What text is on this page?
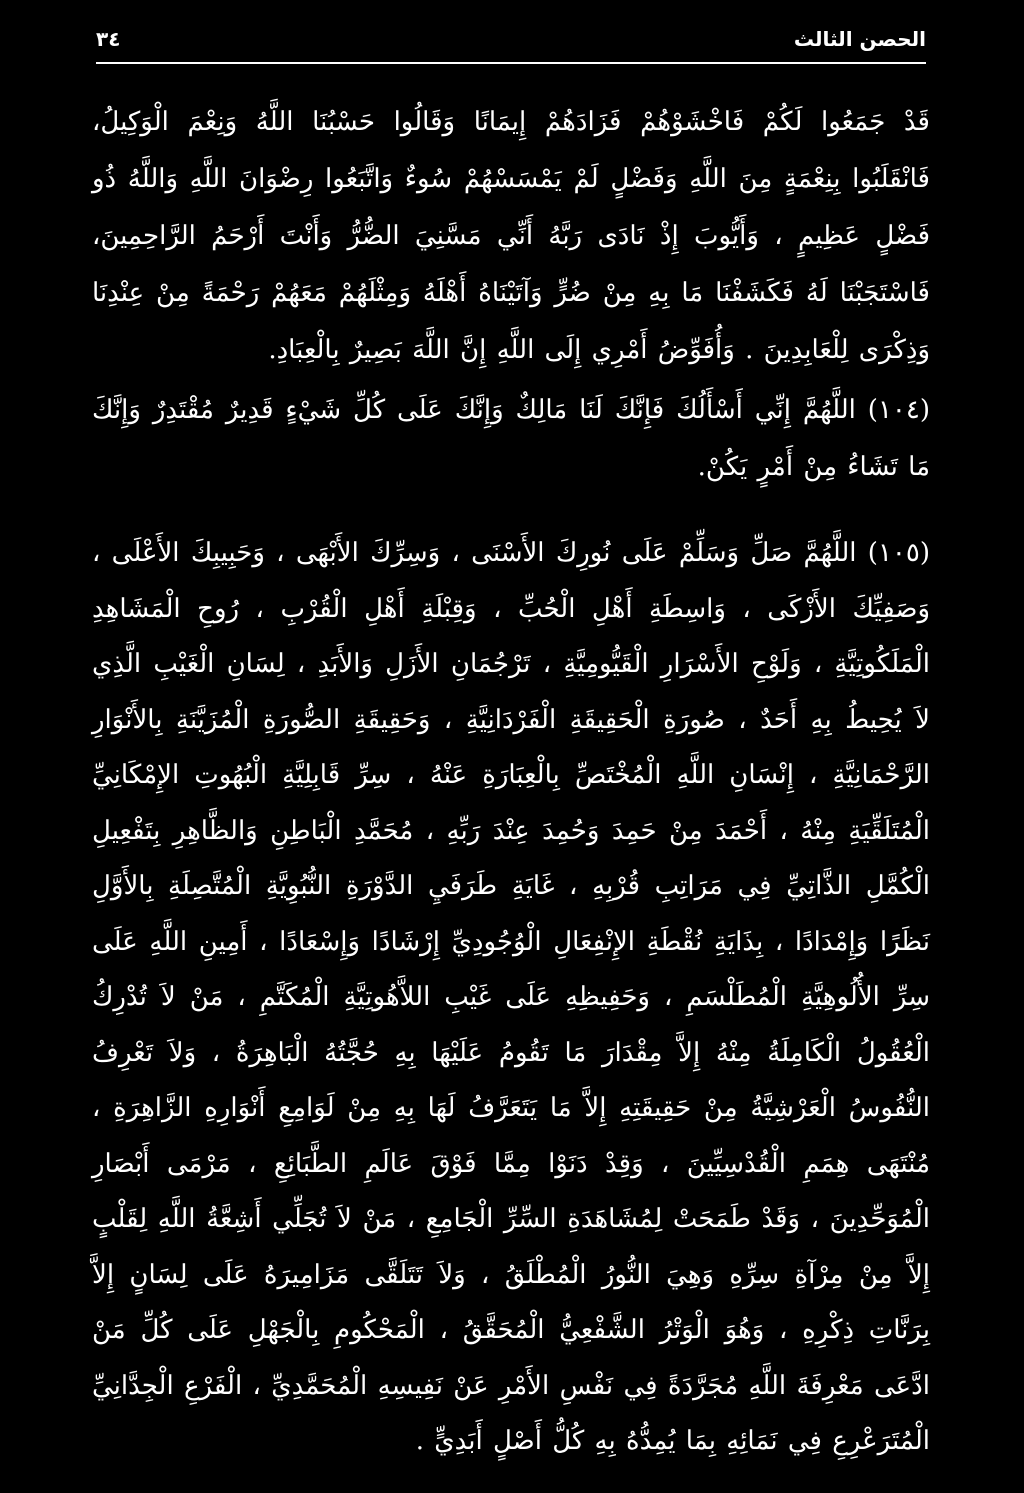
الحصن الثالث
٣٤
قَدْ جَمَعُوا لَكُمْ فَاخْشَوْهُمْ فَزَادَهُمْ إِيمَانًا وَقَالُوا حَسْبُنَا اللَّهُ وَنِعْمَ الْوَكِيلُ، فَانْقَلَبُوا بِنِعْمَةٍ مِنَ اللَّهِ وَفَضْلٍ لَمْ يَمْسَسْهُمْ سُوءٌ وَاتَّبَعُوا رِضْوَانَ اللَّهِ وَاللَّهُ ذُو فَضْلٍ عَظِيمٍ ، وَأَيُّوبَ إِذْ نَادَى رَبَّهُ أَنِّي مَسَّنِيَ الضُّرُّ وَأَنْتَ أَرْحَمُ الرَّاحِمِينَ، فَاسْتَجَبْنَا لَهُ فَكَشَفْنَا مَا بِهِ مِنْ ضُرٍّ وَآتَيْنَاهُ أَهْلَهُ وَمِثْلَهُمْ مَعَهُمْ رَحْمَةً مِنْ عِنْدِنَا وَذِكْرَى لِلْعَابِدِينَ . وَأُفَوِّضُ أَمْرِي إِلَى اللَّهِ إِنَّ اللَّهَ بَصِيرٌ بِالْعِبَادِ.
(١٠٤) اللَّهُمَّ إِنِّي أَسْأَلُكَ فَإِنَّكَ لَنَا مَالِكٌ وَإِنَّكَ عَلَى كُلِّ شَيْءٍ قَدِيرٌ مُقْتَدِرٌ وَإِنَّكَ مَا تَشَاءُ مِنْ أَمْرٍ يَكُنْ.
(١٠٥) اللَّهُمَّ صَلِّ وَسَلِّمْ عَلَى نُورِكَ الأَسْنَى ، وَسِرِّكَ الأَبْهَى ، وَحَبِيبِكَ الأَعْلَى ، وَصَفِيِّكَ الأَزْكَى ، وَاسِطَةِ أَهْلِ الْحُبِّ ، وَقِبْلَةِ أَهْلِ الْقُرْبِ ، رُوحِ الْمَشَاهِدِ الْمَلَكُوتِيَّةِ ، وَلَوْحِ الأَسْرَارِ الْقَيُّومِيَّةِ ، تَرْجُمَانِ الأَزَلِ وَالأَبَدِ ، لِسَانِ الْغَيْبِ الَّذِي لاَ يُحِيطُ بِهِ أَحَدٌ ، صُورَةِ الْحَقِيقَةِ الْفَرْدَانِيَّةِ ، وَحَقِيقَةِ الصُّورَةِ الْمُزَيَّنَةِ بِالأَنْوَارِ الرَّحْمَانِيَّةِ ، إِنْسَانِ اللَّهِ الْمُخْتَصِّ بِالْعِبَارَةِ عَنْهُ ، سِرِّ قَابِلِيَّةِ الْبُهُوتِ الإِمْكَانِيِّ الْمُتَلَقِّيَةِ مِنْهُ ، أَحْمَدَ مِنْ حَمِدَ وَحُمِدَ عِنْدَ رَبِّهِ ، مُحَمَّدِ الْبَاطِنِ وَالظَّاهِرِ بِتَفْعِيلِ الْكُمَّلِ الذَّاتِيِّ فِي مَرَاتِبِ قُرْبِهِ ، غَايَةِ طَرَفَيِ الدَّوْرَةِ النُّبُوِيَّةِ الْمُتَّصِلَةِ بِالأَوَّلِ نَظَرًا وَإِمْدَادًا ، بِذَايَةِ نُقْطَةِ الإِنْفِعَالِ الْوُجُودِيِّ إِرْشَادًا وَإِسْعَادًا ، أَمِينِ اللَّهِ عَلَى سِرِّ الأُلُوهِيَّةِ الْمُطَلْسَمِ ، وَحَفِيظِهِ عَلَى غَيْبِ اللاَّهُوتِيَّةِ الْمُكَتَّمِ ، مَنْ لاَ تُدْرِكُ الْعُقُولُ الْكَامِلَةُ مِنْهُ إِلاَّ مِقْدَارَ مَا تَقُومُ عَلَيْهَا بِهِ حُجَّتُهُ الْبَاهِرَةُ ، وَلاَ تَعْرِفُ النُّفُوسُ الْعَرْشِيَّةُ مِنْ حَقِيقَتِهِ إِلاَّ مَا يَتَعَرَّفُ لَهَا بِهِ مِنْ لَوَامِعِ أَنْوَارِهِ الزَّاهِرَةِ ، مُنْتَهَى هِمَمِ الْقُدْسِيِّينَ ، وَقِدْ دَنَوْا مِمَّا فَوْقَ عَالَمِ الطَّبَائِعِ ، مَرْمَى أَبْصَارِ الْمُوَحِّدِينَ ، وَقَدْ طَمَحَتْ لِمُشَاهَدَةِ السِّرِّ الْجَامِعِ ، مَنْ لاَ تُجَلِّي أَشِعَّةُ اللَّهِ لِقَلْبٍ إِلاَّ مِنْ مِرْآةِ سِرِّهِ وَهِيَ النُّورُ الْمُطْلَقُ ، وَلاَ تَتَلَقَّى مَزَامِيرَهُ عَلَى لِسَانٍ إِلاَّ بِرَنَّاتِ ذِكْرِهِ ، وَهُوَ الْوَتْرُ الشَّفْعِيُّ الْمُحَقَّقُ ، الْمَحْكُومِ بِالْجَهْلِ عَلَى كُلِّ مَنْ ادَّعَى مَعْرِفَةَ اللَّهِ مُجَرَّدَةً فِي نَفْسِ الأَمْرِ عَنْ نَفِيسِهِ الْمُحَمَّدِيِّ ، الْفَرْعِ الْجِدَّانِيِّ الْمُتَرَعْرِعِ فِي نَمَائِهِ بِمَا يُمِدُّهُ بِهِ كُلُّ أَصْلٍ أَبَدِيٍّ .
